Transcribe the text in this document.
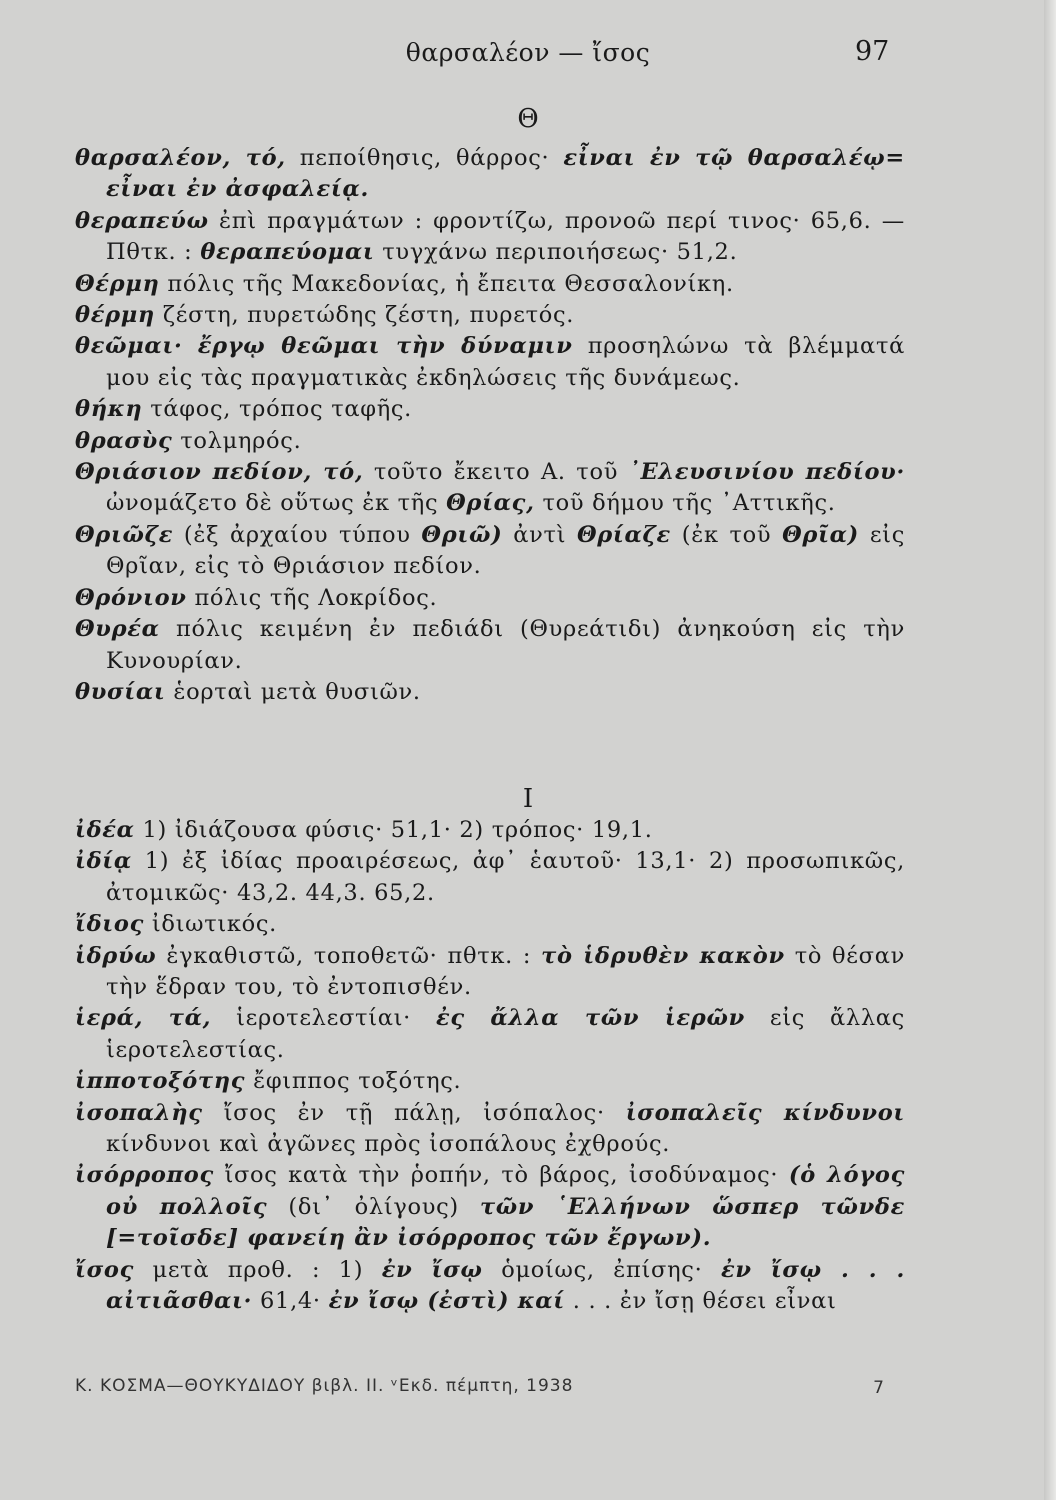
θαρσαλέον — ἴσος	97
Θ

θαρσαλέον, τό, πεποίθησις, θάρρος· εἶναι ἐν τῷ θαρσαλέῳ= εἶναι ἐν ἀσφαλείᾳ.

θεραπεύω ἐπὶ πραγμάτων : φροντίζω, προνοῶ περί τινος· 65,6. —Πθτκ. : θεραπεύομαι τυγχάνω περιποιήσεως· 51,2.

Θέρμη πόλις τῆς Μακεδονίας, ἡ ἔπειτα Θεσσαλονίκη.

θέρμη ζέστη, πυρετώδης ζέστη, πυρετός.

θεῶμαι· ἔργῳ θεῶμαι τὴν δύναμιν προσηλώνω τὰ βλέμματά μου εἰς τὰς πραγματικὰς ἐκδηλώσεις τῆς δυνάμεως.

θήκη τάφος, τρόπος ταφῆς.

θρασὺς τολμηρός.

Θριάσιον πεδίον, τό, τοῦτο ἔκειτο Α. τοῦ ᾿Ελευσινίου πεδίου· ὠνομάζετο δὲ οὕτως ἐκ τῆς Θρίας, τοῦ δήμου τῆς ᾿Αττικῆς.

Θριῶζε (ἐξ ἀρχαίου τύπου Θριῶ) ἀντὶ Θρίαζε (ἐκ τοῦ Θρῖα) εἰς Θρῖαν, εἰς τὸ Θριάσιον πεδίον.

Θρόνιον πόλις τῆς Λοκρίδος.

Θυρέα πόλις κειμένη ἐν πεδιάδι (Θυρεάτιδι) ἀνηκούση εἰς τὴν Κυνουρίαν.

θυσίαι ἑορταὶ μετὰ θυσιῶν.

Ι

ἰδέα 1) ἰδιάζουσα φύσις· 51,1· 2) τρόπος· 19,1.

ἰδίᾳ 1) ἐξ ἰδίας προαιρέσεως, ἀφ᾿ ἑαυτοῦ· 13,1· 2) προσωπικῶς, ἀτομικῶς· 43,2. 44,3. 65,2.

ἴδιος ἰδιωτικός.

ἱδρύω ἐγκαθιστῶ, τοποθετῶ· πθτκ. : τὸ ἱδρυθὲν κακὸν τὸ θέσαν τὴν ἕδραν του, τὸ ἐντοπισθέν.

ἱερά, τά, ἱεροτελεστίαι· ἐς ἄλλα τῶν ἱερῶν εἰς ἄλλας ἱεροτελεστίας.

ἱπποτοξότης ἔφιππος τοξότης.

ἰσοπαλὴς ἴσος ἐν τῇ πάλῃ, ἰσόπαλος· ἰσοπαλεῖς κίνδυνοι κίνδυνοι καὶ ἀγῶνες πρὸς ἰσοπάλους ἐχθρούς.

ἰσόρροπος ἴσος κατὰ τὴν ῥοπήν, τὸ βάρος, ἰσοδύναμος· (ὁ λόγος οὐ πολλοῖς (δι᾿ ὀλίγους) τῶν ῾Ελλήνων ὥσπερ τῶνδε [=τοῖσδε] φανείη ἂν ἰσόρροπος τῶν ἔργων).

ἴσος μετὰ προθ. : 1) ἐν ἴσῳ ὁμοίως, ἐπίσης· ἐν ἴσῳ . . . αἰτιᾶσθαι· 61,4· ἐν ἴσῳ (ἐστὶ) καί . . . ἐν ἴσῃ θέσει εἶναι

Κ. ΚΟΣΜΑ—ΘΟΥΚΥΔΙΔΟΥ βιβλ. ΙΙ. ᵛΕκδ. πέμπτη, 1938	7
